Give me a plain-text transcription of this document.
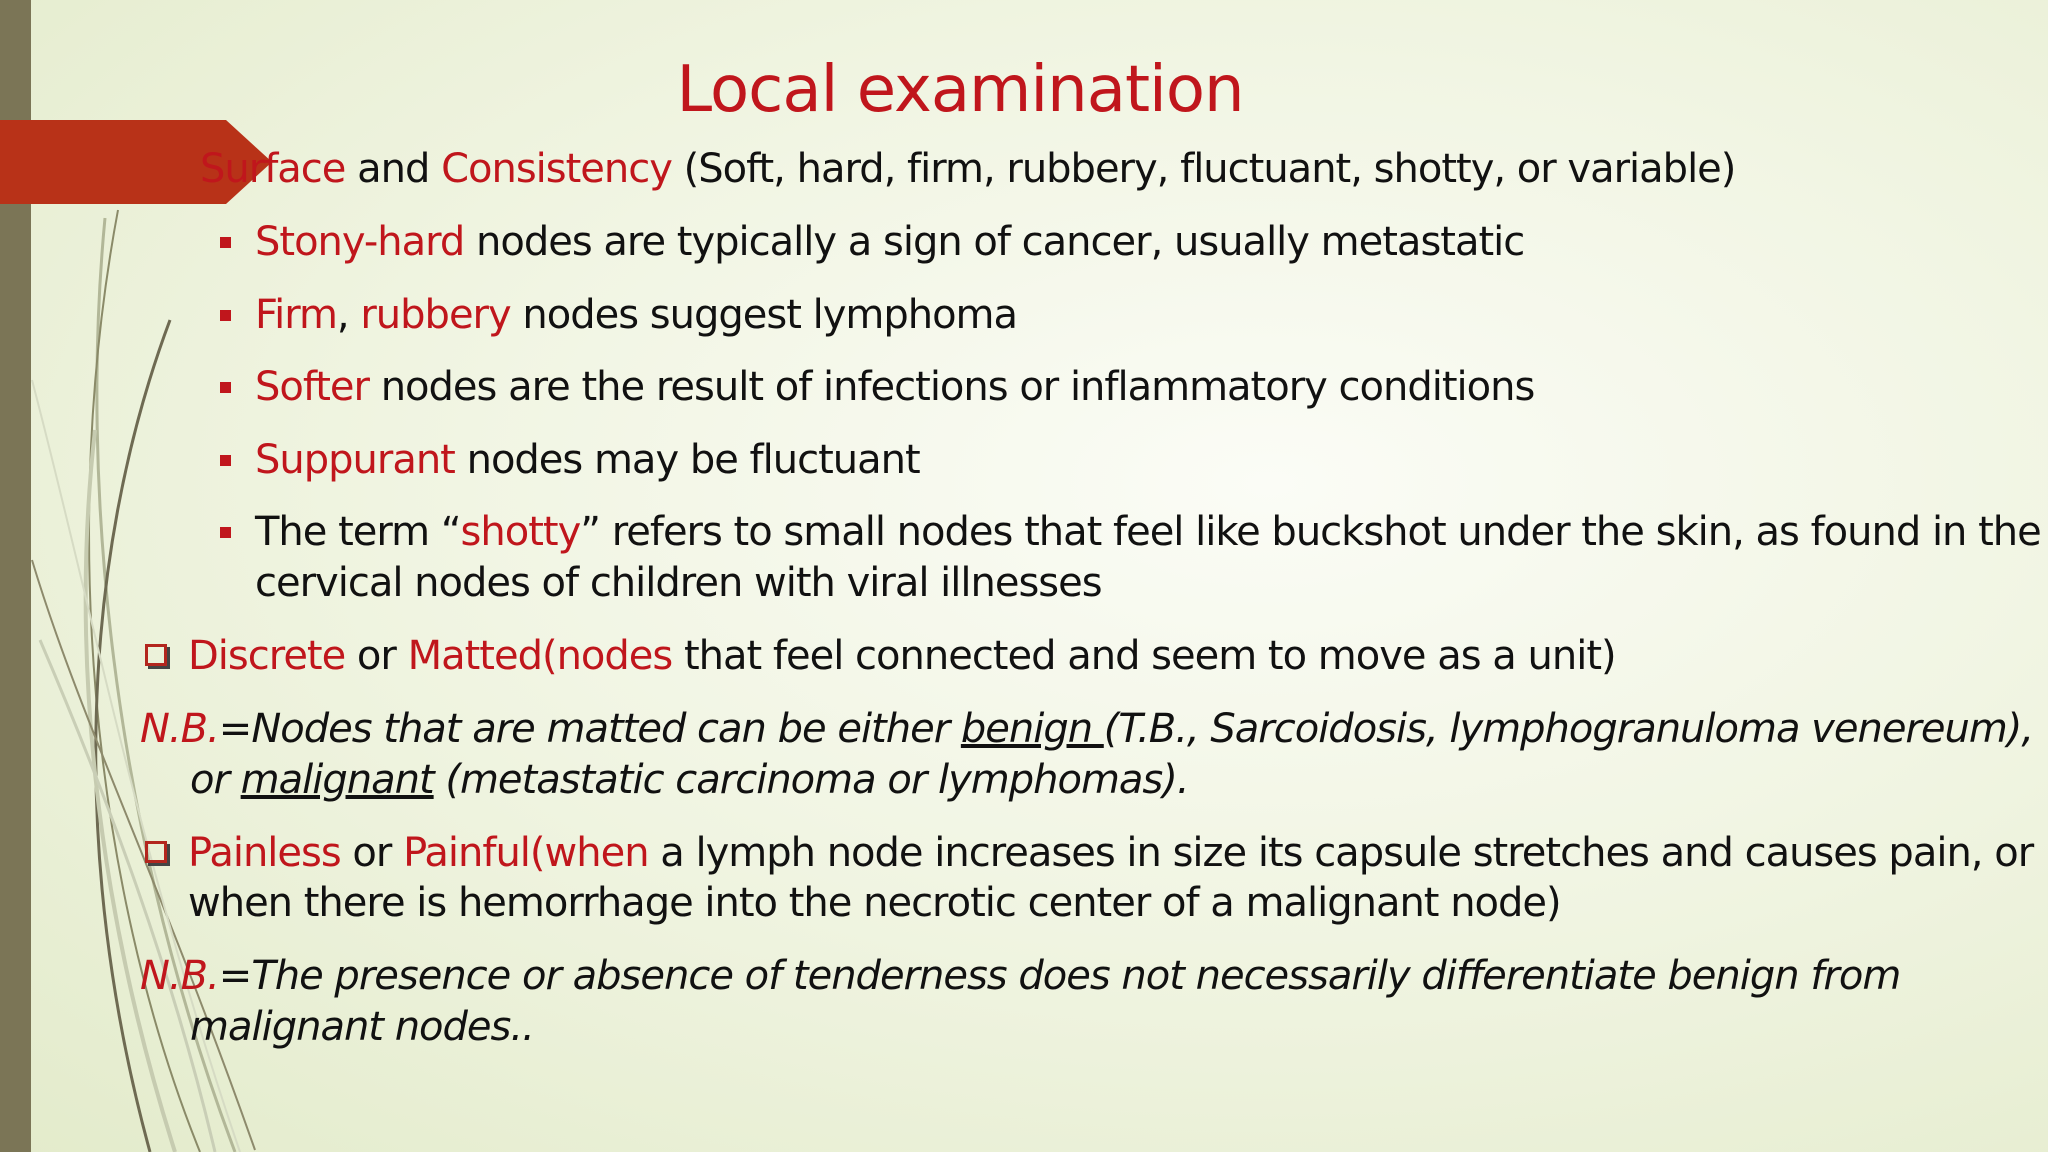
Local examination
Surface and Consistency (Soft, hard, firm, rubbery, fluctuant, shotty, or variable)
Stony-hard nodes are typically a sign of cancer, usually metastatic
Firm, rubbery nodes suggest lymphoma
Softer nodes are the result of infections or inflammatory conditions
Suppurant nodes may be fluctuant
The term “shotty” refers to small nodes that feel like buckshot under the skin, as found in the
cervical nodes of children with viral illnesses
Discrete or Matted(nodes that feel connected and seem to move as a unit)
N.B.=Nodes that are matted can be either benign (T.B., Sarcoidosis, lymphogranuloma venereum),
or malignant (metastatic carcinoma or lymphomas).
Painless or Painful(when a lymph node increases in size its capsule stretches and causes pain, or
when there is hemorrhage into the necrotic center of a malignant node)
N.B.=The presence or absence of tenderness does not necessarily differentiate benign from
malignant nodes..
